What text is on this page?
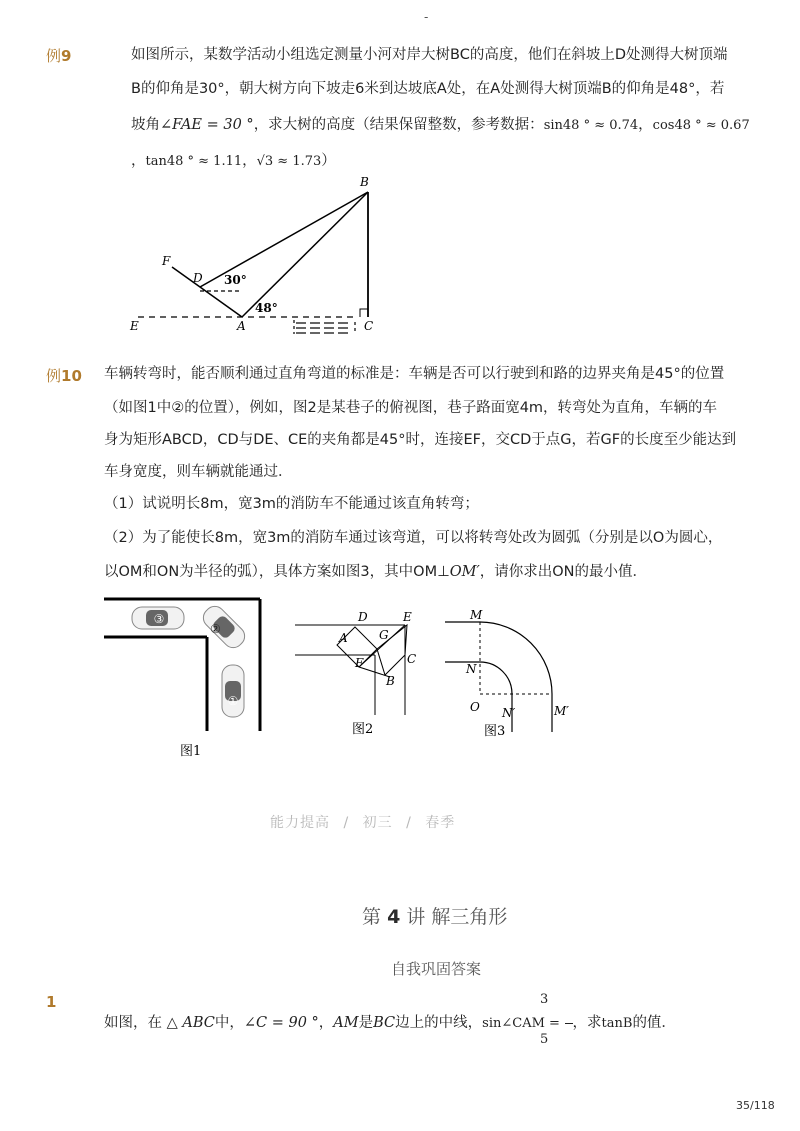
-
例9	如图所示，某数学活动小组选定测量小河对岸大树BC的高度，他们在斜坡上D处测得大树顶端
B的仰角是30°，朝大树方向下坡走6米到达坡底A处，在A处测得大树顶端B的仰角是48°，若
坡角∠FAE = 30 °，求大树的高度（结果保留整数，参考数据：sin48 ° ≈ 0.74，cos48 ° ≈ 0.67
，tan48 ° ≈ 1.11，√3 ≈ 1.73）
B
F
D 30°
48°
A
E	C
例10 车辆转弯时，能否顺利通过直角弯道的标准是：车辆是否可以行驶到和路的边界夹角是45°的位置
（如图1中②的位置），例如，图2是某巷子的俯视图，巷子路面宽4m，转弯处为直角，车辆的车
身为矩形ABCD，CD与DE、CE的夹角都是45°时，连接EF，交CD于点G，若GF的长度至少能达到
车身宽度，则车辆就能通过．
（1）试说明长8m，宽3m的消防车不能通过该直角转弯；
（2）为了能使长8m，宽3m的消防车通过该弯道，可以将转弯处改为圆弧（分别是以O为圆心，
以OM和ON为半径的弧），具体方案如图3，其中OM⊥OM′，请你求出ON的最小值．
③
②
①
图1
D	E
A	G
F	C
B
图2
M
N
O N′	M′
图3
能力提高 / 初三 / 春季
第 4 讲 解三角形
自我巩固答案
1	3
5
如图，在 △ ABC中，∠C = 90 °，AM是BC边上的中线，sin∠CAM = ，求tanB的值．
35/118
